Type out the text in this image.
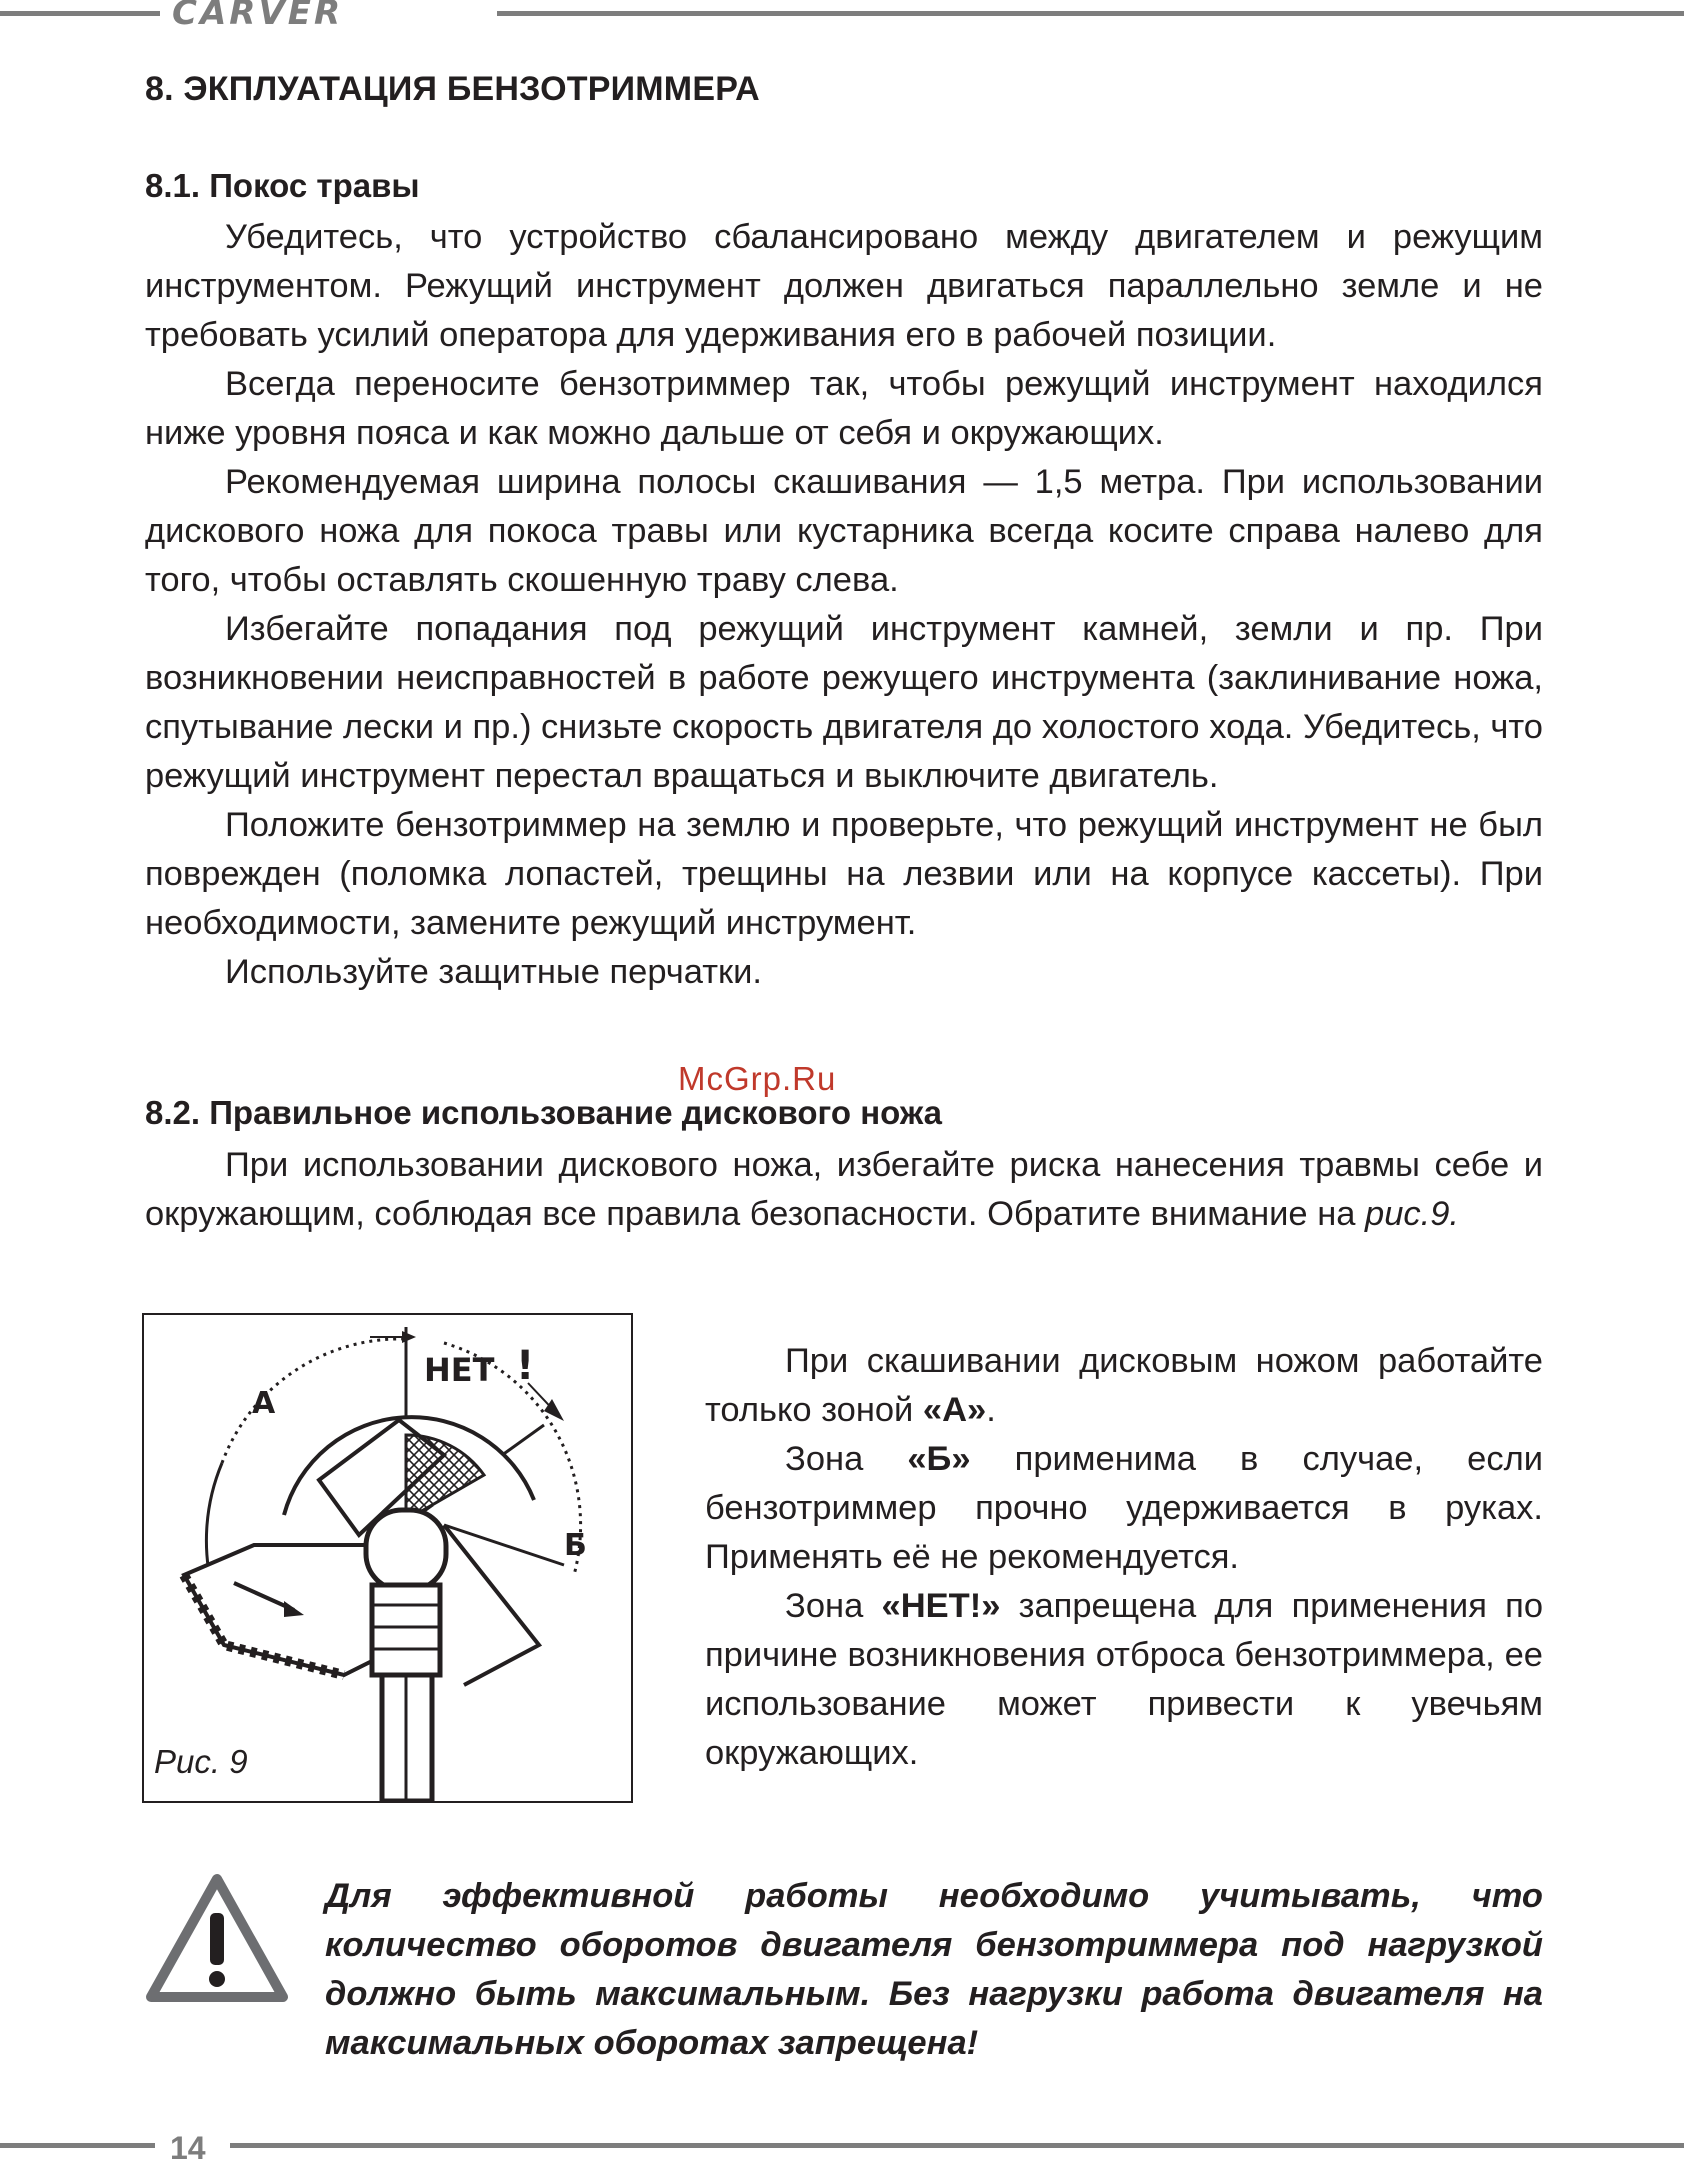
CARVER
8. ЭКПЛУАТАЦИЯ БЕНЗОТРИММЕРА
8.1. Покос травы

Убедитесь, что устройство сбалансировано между двигателем и режущим инструментом. Режущий инструмент должен двигаться параллельно земле и не требовать усилий оператора для удерживания его в рабочей позиции.

Всегда переносите бензотриммер так, чтобы режущий инструмент находился ниже уровня пояса и как можно дальше от себя и окружающих.

Рекомендуемая ширина полосы скашивания — 1,5 метра. При использовании дискового ножа для покоса травы или кустарника всегда косите справа налево для того, чтобы оставлять скошенную траву слева.

Избегайте попадания под режущий инструмент камней, земли и пр. При возникновении неисправностей в работе режущего инструмента (заклинивание ножа, спутывание лески и пр.) снизьте скорость двигателя до холостого хода. Убедитесь, что режущий инструмент перестал вращаться и выключите двигатель.

Положите бензотриммер на землю и проверьте, что режущий инструмент не был поврежден (поломка лопастей, трещины на лезвии или на корпусе кассеты). При необходимости, замените режущий инструмент.

Используйте защитные перчатки.

McGrp.Ru
8.2. Правильное использование дискового ножа

При использовании дискового ножа, избегайте риска нанесения травмы себе и окружающим, соблюдая все правила безопасности. Обратите внимание на рис.9.

А
Б
НЕТ !
Рис. 9

При скашивании дисковым ножом работайте только зоной «А».

Зона «Б» применима в случае, если бензотриммер прочно удерживается в руках. Применять её не рекомендуется.

Зона «НЕТ!» запрещена для применения по причине возникновения отброса бензотриммера, ее использование может привести к увечьям окружающих.

Для эффективной работы необходимо учитывать, что количество оборотов двигателя бензотриммера под нагрузкой должно быть максимальным. Без нагрузки работа двигателя на максимальных оборотах запрещена!
14
